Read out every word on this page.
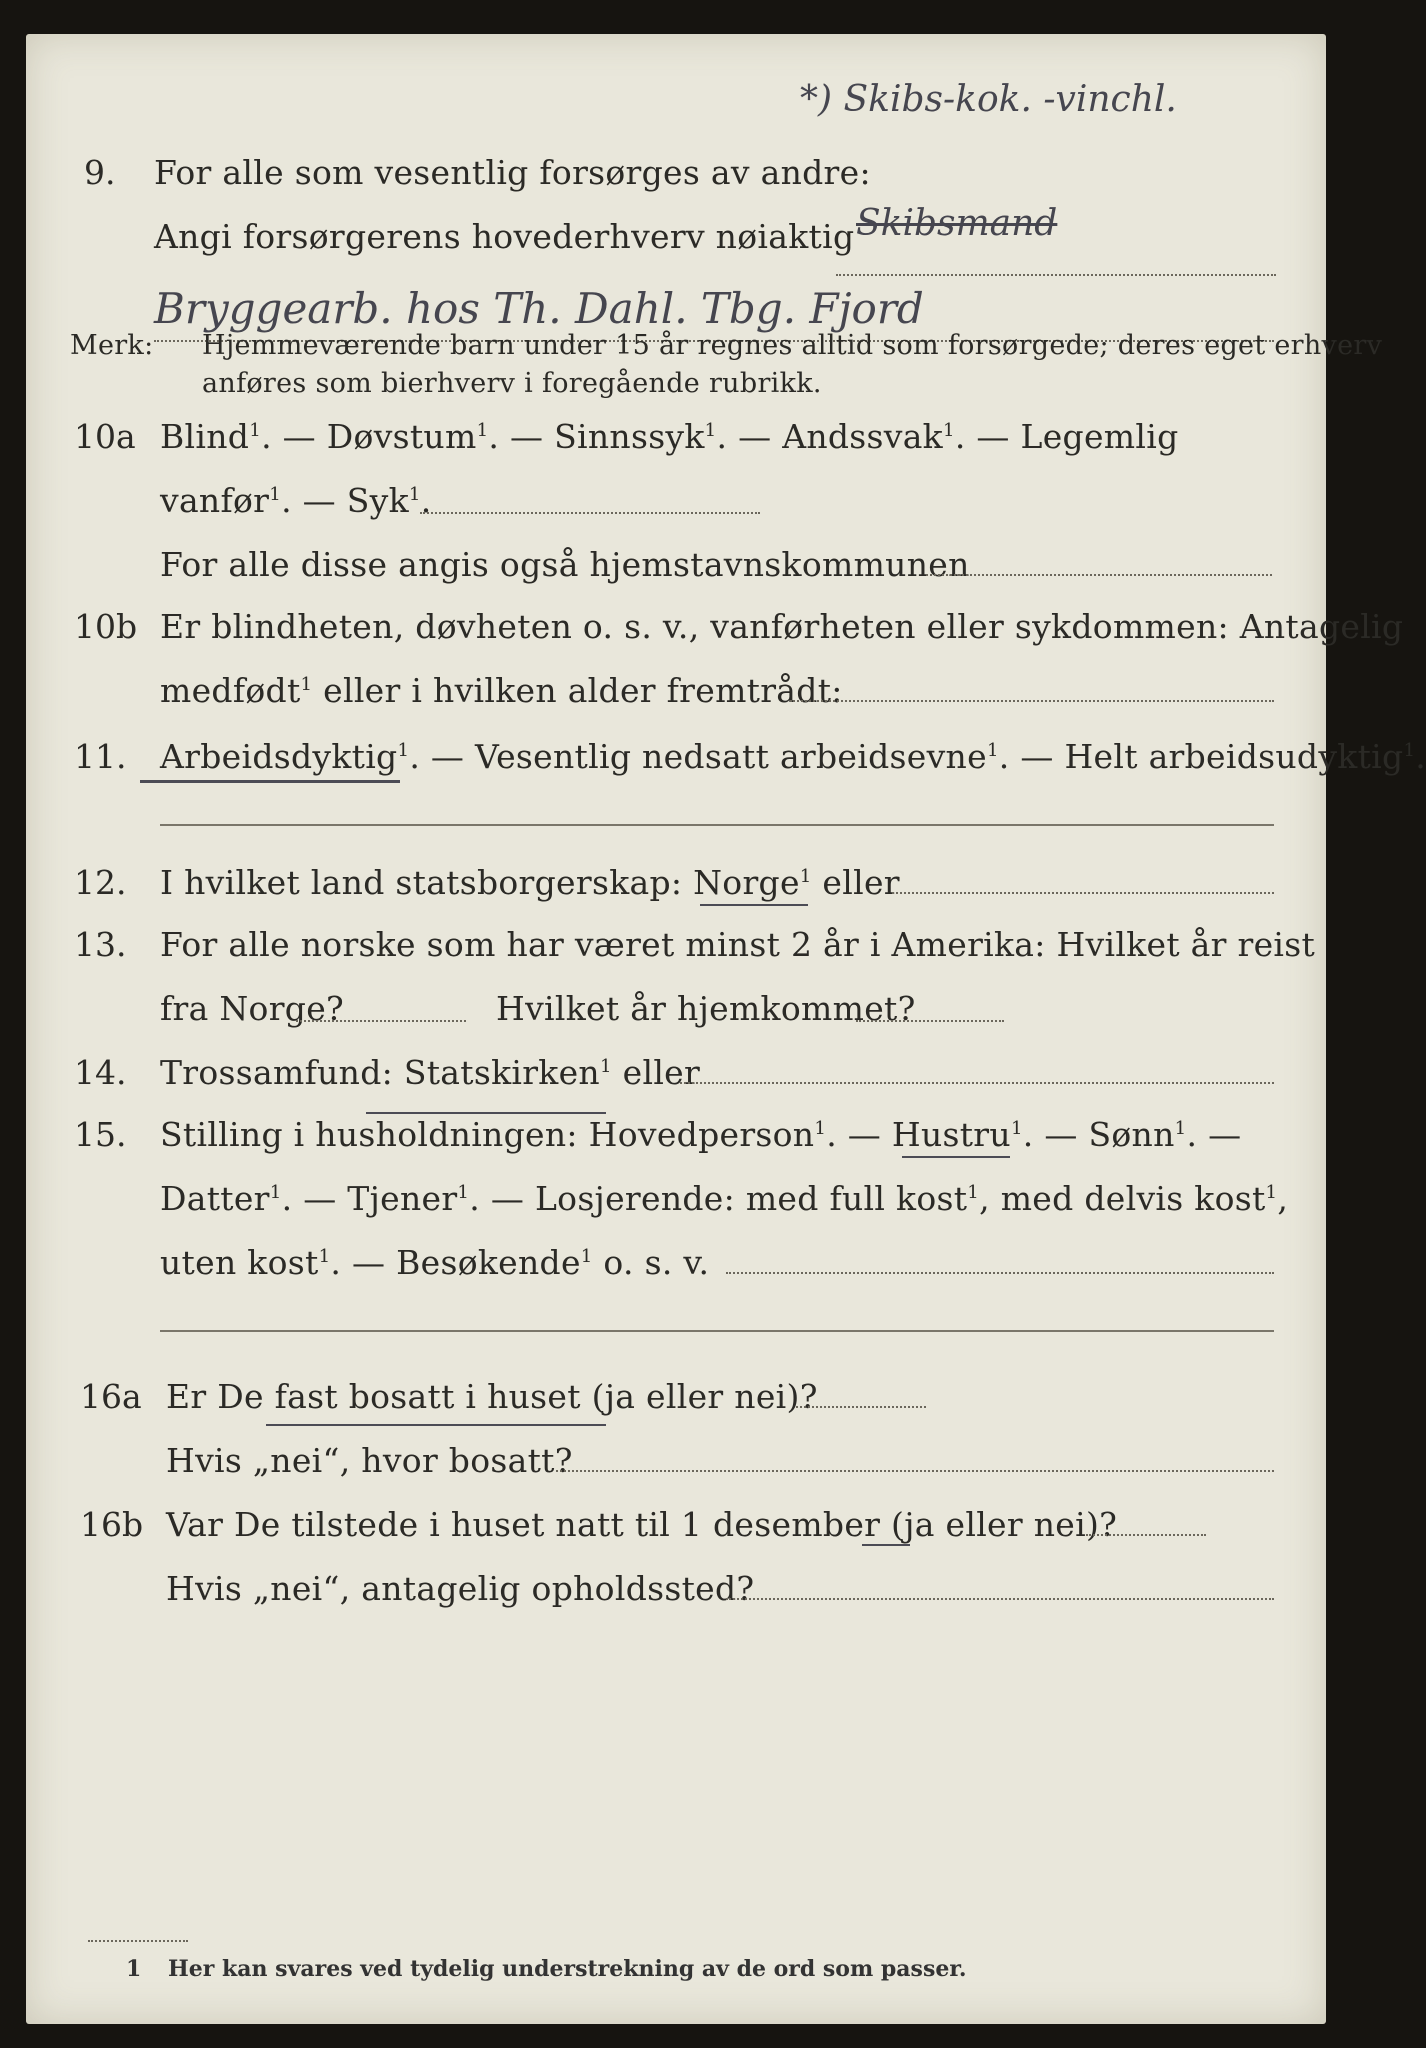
*) Skibs-kok. -vinchl.
9. For alle som vesentlig forsørges av andre:
Angi forsørgerens hovederhverv nøiaktig Skibsmand
Bryggearb. hos Th. Dahl. Tbg. Fjord
Merk: Hjemmeværende barn under 15 år regnes alltid som forsørgede; deres eget erhverv
anføres som bierhverv i foregående rubrikk.
10a Blind$^1$. — Døvstum$^1$. — Sinnssyk$^1$. — Andssvak$^1$. — Legemlig
vanfør$^1$. — Syk$^1$.
For alle disse angis også hjemstavnskommunen
10b Er blindheten, døvheten o. s. v., vanførheten eller sykdommen: Antagelig
medfødt$^1$ eller i hvilken alder fremtrådt:
11. Arbeidsdyktig$^1$. — Vesentlig nedsatt arbeidsevne$^1$. — Helt arbeidsudyktig$^1$.
12. I hvilket land statsborgerskap: Norge$^1$ eller
13. For alle norske som har været minst 2 år i Amerika: Hvilket år reist
fra Norge?	Hvilket år hjemkommet?
14. Trossamfund: Statskirken$^1$ eller
15. Stilling i husholdningen: Hovedperson$^1$. — Hustru$^1$. — Sønn$^1$. —
Datter$^1$. — Tjener$^1$. — Losjerende: med full kost$^1$, med delvis kost$^1$,
uten kost$^1$. — Besøkende$^1$ o. s. v.
16a Er De fast bosatt i huset (ja eller nei)?
Hvis „nei“, hvor bosatt?
16b Var De tilstede i huset natt til 1 desember (ja eller nei)?
Hvis „nei“, antagelig opholdssted?
1 Her kan svares ved tydelig understrekning av de ord som passer.
